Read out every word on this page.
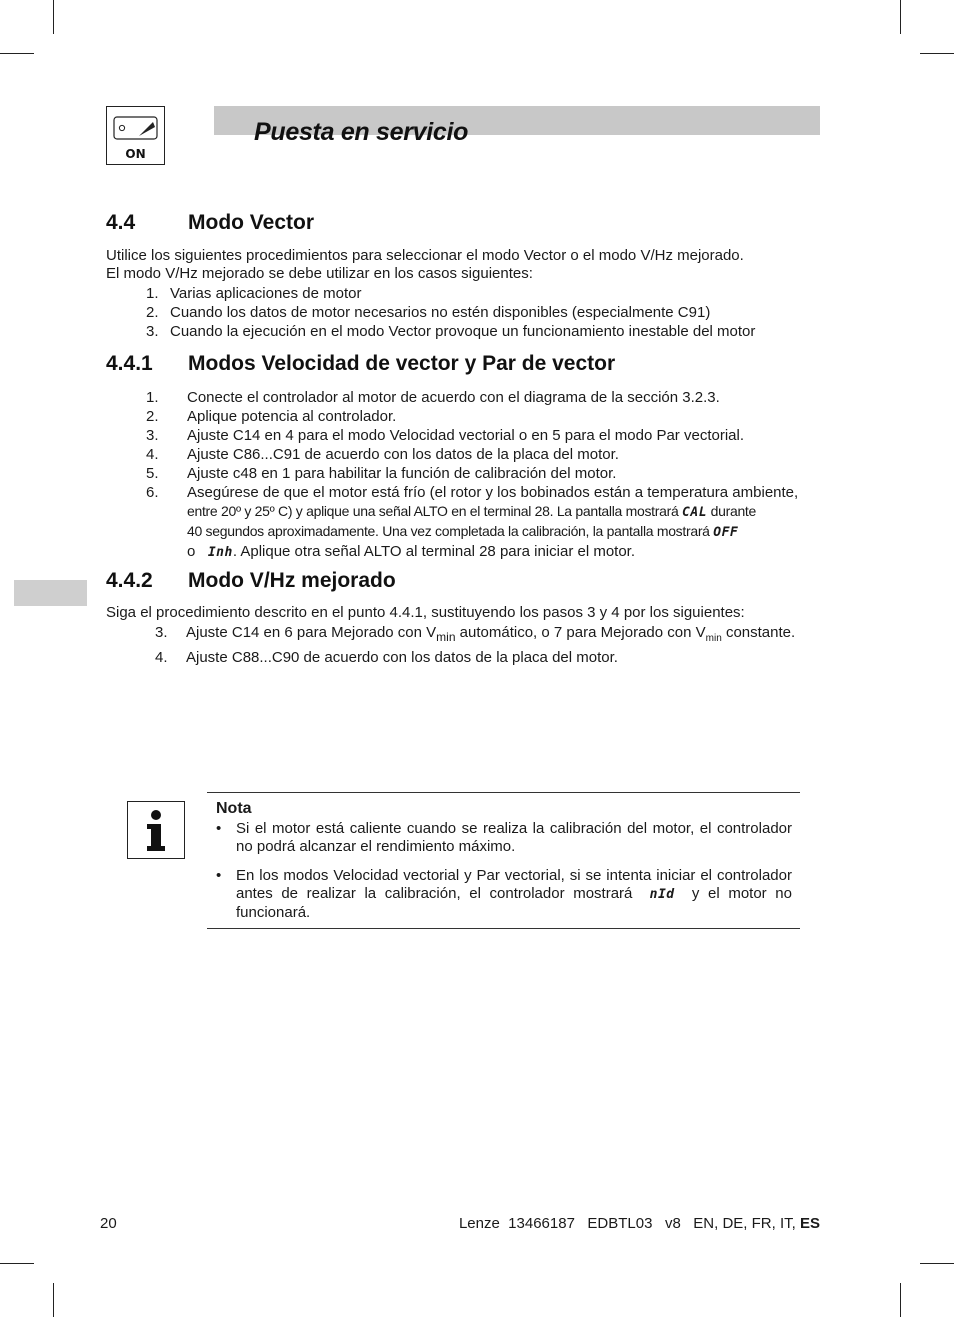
ON
Puesta en servicio
4.4	Modo Vector
Utilice los siguientes procedimientos para seleccionar el modo Vector o el modo V/Hz mejorado.
El modo V/Hz mejorado se debe utilizar en los casos siguientes:
1. Varias aplicaciones de motor
2. Cuando los datos de motor necesarios no estén disponibles (especialmente C91)
3. Cuando la ejecución en el modo Vector provoque un funcionamiento inestable del motor
4.4.1 Modos Velocidad de vector y Par de vector
1. Conecte el controlador al motor de acuerdo con el diagrama de la sección 3.2.3.
2. Aplique potencia al controlador.
3. Ajuste C14 en 4 para el modo Velocidad vectorial o en 5 para el modo Par vectorial.
4. Ajuste C86...C91 de acuerdo con los datos de la placa del motor.
5. Ajuste c48 en 1 para habilitar la función de calibración del motor.
6. Asegúrese de que el motor está frío (el rotor y los bobinados están a temperatura ambiente,
entre 20º y 25º C) y aplique una señal ALTO en el terminal 28. La pantalla mostrará CAL durante
40 segundos aproximadamente. Una vez completada la calibración, la pantalla mostrará OFF
o Inh. Aplique otra señal ALTO al terminal 28 para iniciar el motor.
4.4.2 Modo V/Hz mejorado
Siga el procedimiento descrito en el punto 4.4.1, sustituyendo los pasos 3 y 4 por los siguientes:
3. Ajuste C14 en 6 para Mejorado con $V_{min}$ automático, o 7 para Mejorado con $V_{min}$ constante.
4. Ajuste C88...C90 de acuerdo con los datos de la placa del motor.
Nota
• Si el motor está caliente cuando se realiza la calibración del motor, el controlador no podrá alcanzar el rendimiento máximo.
• En los modos Velocidad vectorial y Par vectorial, si se intenta iniciar el controlador antes de realizar la calibración, el controlador mostrará nId y el motor no funcionará.
20	Lenze  13466187   EDBTL03   v8   EN, DE, FR, IT, ES
